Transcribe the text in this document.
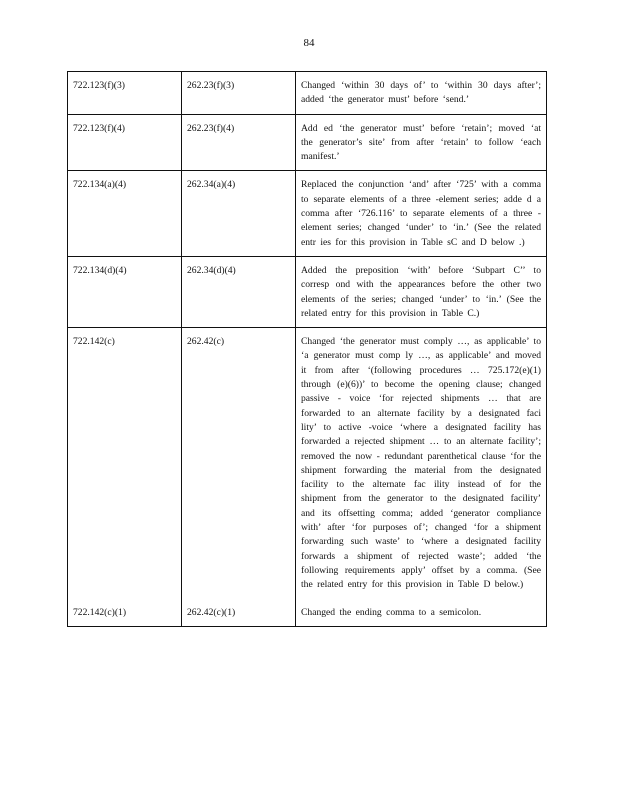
84
722.123(f)(3)	262.23(f)(3)	Changed ‘within 30 days of’ to ‘within 30 days after’; added ‘the generator must’ before ‘send.’
722.123(f)(4)	262.23(f)(4)	Add ed ‘the generator must’ before ‘retain’; moved ‘at the generator’s site’ from after ‘retain’ to follow ‘each manifest.’
722.134(a)(4)	262.34(a)(4)	Replaced the conjunction ‘and’ after ‘725’ with a comma to separate elements of a three -element series; adde d a comma after ‘726.116’ to separate elements of a three -element series; changed ‘under’ to ‘in.’ (See the related entr ies for this provision in Table sC and D below .)
722.134(d)(4)	262.34(d)(4)	Added the preposition ‘with’ before ‘Subpart C’’ to corresp ond with the appearances before the other two elements of the series; changed ‘under’ to ‘in.’ (See the related entry for this provision in Table C.)
722.142(c)	262.42(c)	Changed ‘the generator must comply …, as applicable’ to ‘a generator must comp ly …, as applicable’ and moved it from after ‘(following procedures … 725.172(e)(1) through (e)(6))’ to become the opening clause; changed passive - voice ‘for rejected shipments … that are forwarded to an alternate facility by a designated faci lity’ to active -voice ‘where a designated facility has forwarded a rejected shipment … to an alternate facility’; removed the now - redundant parenthetical clause ‘for the shipment forwarding the material from the designated facility to the alternate fac ility instead of for the shipment from the generator to the designated facility’ and its offsetting comma; added ‘generator compliance with’ after ‘for purposes of’; changed ‘for a shipment forwarding such waste’ to ‘where a designated facility forwards a shipment of rejected waste’; added ‘the following requirements apply’ offset by a comma. (See the related entry for this provision in Table D below.)
722.142(c)(1)	262.42(c)(1)	Changed the ending comma to a semicolon.
